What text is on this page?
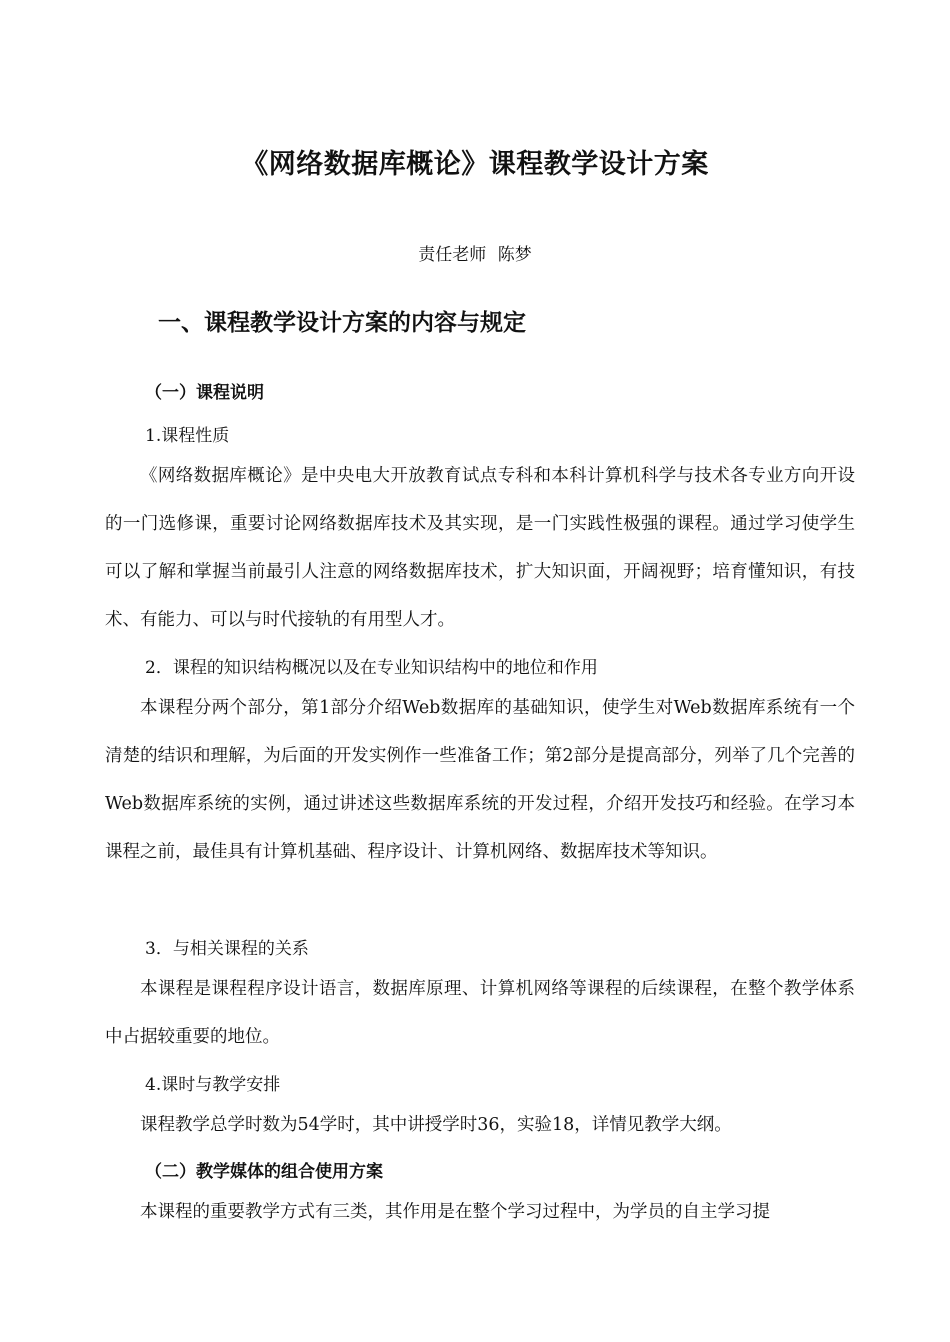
《网络数据库概论》课程教学设计方案
责任老师 陈梦
一、课程教学设计方案的内容与规定
（一）课程说明
1.课程性质

《网络数据库概论》是中央电大开放教育试点专科和本科计算机科学与技术各专业方向开设的一门选修课，重要讨论网络数据库技术及其实现，是一门实践性极强的课程。通过学习使学生可以了解和掌握当前最引人注意的网络数据库技术，扩大知识面，开阔视野；培育懂知识，有技术、有能力、可以与时代接轨的有用型人才。

2．课程的知识结构概况以及在专业知识结构中的地位和作用

本课程分两个部分，第1部分介绍Web数据库的基础知识，使学生对Web数据库系统有一个清楚的结识和理解，为后面的开发实例作一些准备工作；第2部分是提高部分，列举了几个完善的Web数据库系统的实例，通过讲述这些数据库系统的开发过程，介绍开发技巧和经验。在学习本课程之前，最佳具有计算机基础、程序设计、计算机网络、数据库技术等知识。

3．与相关课程的关系

本课程是课程程序设计语言，数据库原理、计算机网络等课程的后续课程，在整个教学体系中占据较重要的地位。

4.课时与教学安排

课程教学总学时数为54学时，其中讲授学时36，实验18，详情见教学大纲。

（二）教学媒体的组合使用方案

本课程的重要教学方式有三类，其作用是在整个学习过程中，为学员的自主学习提
